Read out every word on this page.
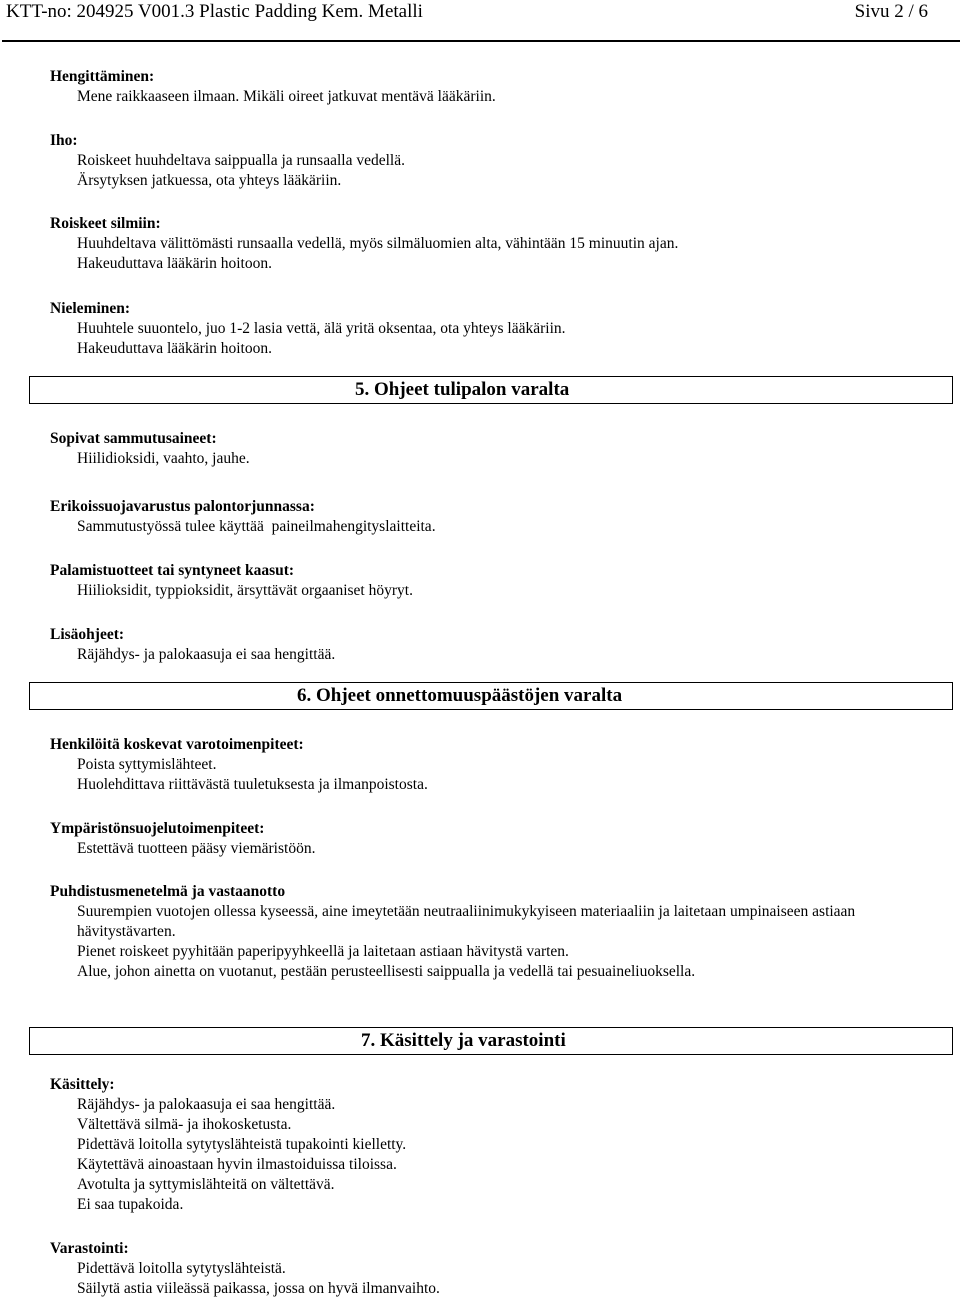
KTT-no: 204925 V001.3 Plastic Padding Kem. Metalli	Sivu 2 / 6
Hengittäminen:
Mene raikkaaseen ilmaan. Mikäli oireet jatkuvat mentävä lääkäriin.
Iho:
Roiskeet huuhdeltava saippualla ja runsaalla vedellä.
Ärsytyksen jatkuessa, ota yhteys lääkäriin.
Roiskeet silmiin:
Huuhdeltava välittömästi runsaalla vedellä, myös silmäluomien alta, vähintään 15 minuutin ajan.
Hakeuduttava lääkärin hoitoon.
Nieleminen:
Huuhtele suuontelo, juo 1-2 lasia vettä, älä yritä oksentaa, ota yhteys lääkäriin.
Hakeuduttava lääkärin hoitoon.
5. Ohjeet tulipalon varalta
Sopivat sammutusaineet:
Hiilidioksidi, vaahto, jauhe.
Erikoissuojavarustus palontorjunnassa:
Sammutustyössä tulee käyttää  paineilmahengityslaitteita.
Palamistuotteet tai syntyneet kaasut:
Hiilioksidit, typpioksidit, ärsyttävät orgaaniset höyryt.
Lisäohjeet:
Räjähdys- ja palokaasuja ei saa hengittää.
6. Ohjeet onnettomuuspäästöjen varalta
Henkilöitä koskevat varotoimenpiteet:
Poista syttymislähteet.
Huolehdittava riittävästä tuuletuksesta ja ilmanpoistosta.
Ympäristönsuojelutoimenpiteet:
Estettävä tuotteen pääsy viemäristöön.
Puhdistusmenetelmä ja vastaanotto
Suurempien vuotojen ollessa kyseessä, aine imeytetään neutraaliinimukykyiseen materiaaliin ja laitetaan umpinaiseen astiaan hävitystävarten.
Pienet roiskeet pyyhitään paperipyyhkeellä ja laitetaan astiaan hävitystä varten.
Alue, johon ainetta on vuotanut, pestään perusteellisesti saippualla ja vedellä tai pesuaineliuoksella.
7. Käsittely ja varastointi
Käsittely:
Räjähdys- ja palokaasuja ei saa hengittää.
Vältettävä silmä- ja ihokosketusta.
Pidettävä loitolla sytytyslähteistä tupakointi kielletty.
Käytettävä ainoastaan hyvin ilmastoiduissa tiloissa.
Avotulta ja syttymislähteitä on vältettävä.
Ei saa tupakoida.
Varastointi:
Pidettävä loitolla sytytyslähteistä.
Säilytä astia viileässä paikassa, jossa on hyvä ilmanvaihto.
